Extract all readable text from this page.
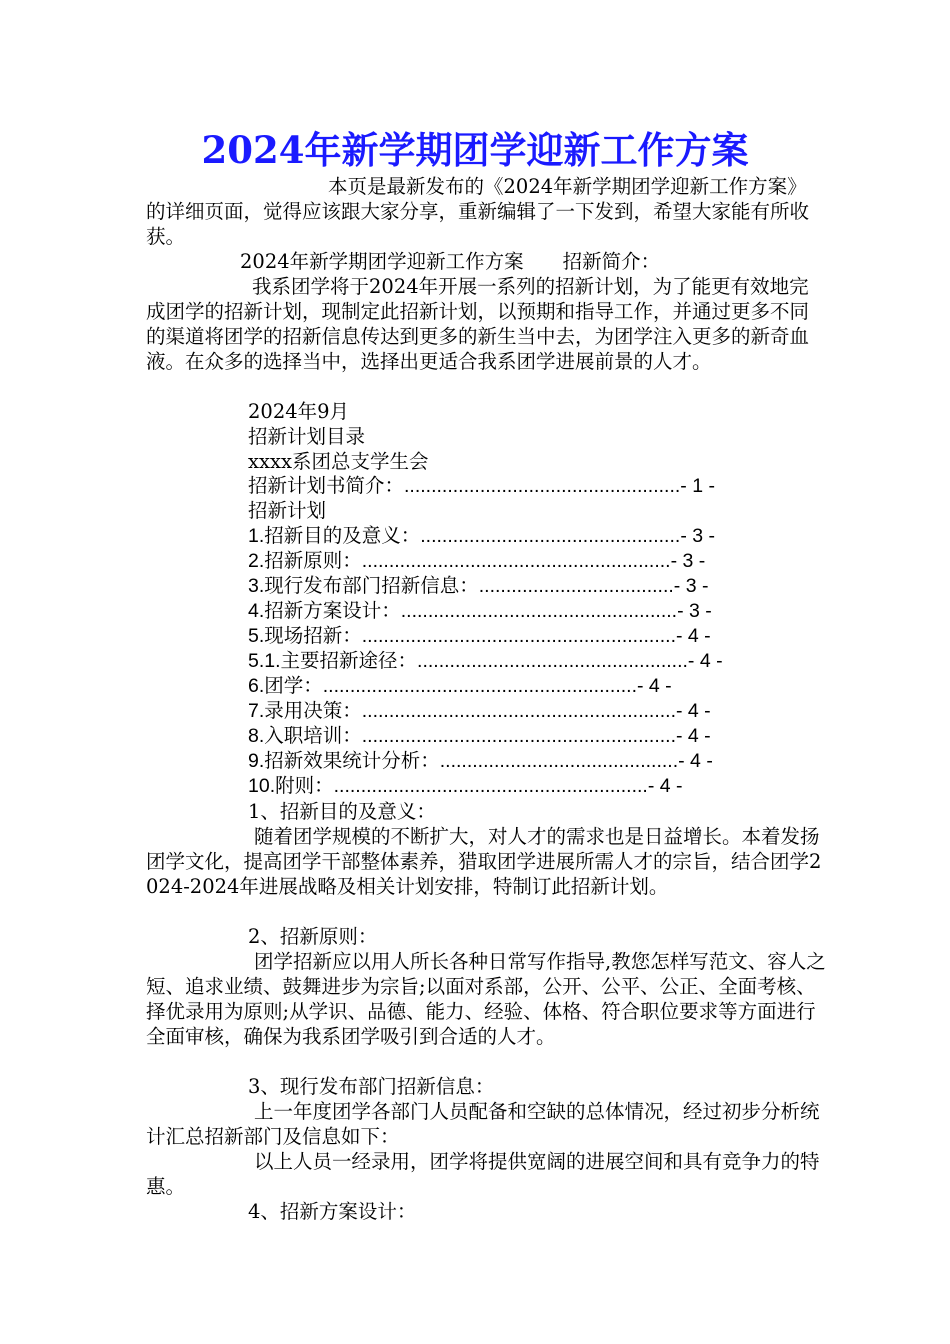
2024年新学期团学迎新工作方案
本页是最新发布的《2024年新学期团学迎新工作方案》的详细页面，觉得应该跟大家分享，重新编辑了一下发到，希望大家能有所收获。
2024年新学期团学迎新工作方案　　招新简介：
我系团学将于2024年开展一系列的招新计划，为了能更有效地完成团学的招新计划，现制定此招新计划，以预期和指导工作，并通过更多不同的渠道将团学的招新信息传达到更多的新生当中去，为团学注入更多的新奇血液。在众多的选择当中，选择出更适合我系团学进展前景的人才。
2024年9月
招新计划目录
xxxx系团总支学生会
招新计划书简介：...................................................- 1 -
招新计划
1.招新目的及意义：................................................- 3 -
2.招新原则：.........................................................- 3 -
3.现行发布部门招新信息：....................................- 3 -
4.招新方案设计：...................................................- 3 -
5.现场招新：..........................................................- 4 -
5.1.主要招新途径：..................................................- 4 -
6.团学：..........................................................- 4 -
7.录用决策：..........................................................- 4 -
8.入职培训：..........................................................- 4 -
9.招新效果统计分析：............................................- 4 -
10.附则：..........................................................- 4 -
1、招新目的及意义：
随着团学规模的不断扩大，对人才的需求也是日益增长。本着发扬团学文化，提高团学干部整体素养，猎取团学进展所需人才的宗旨，结合团学2024-2024年进展战略及相关计划安排，特制订此招新计划。
2、招新原则：
团学招新应以用人所长各种日常写作指导,教您怎样写范文、容人之短、追求业绩、鼓舞进步为宗旨;以面对系部，公开、公平、公正、全面考核、择优录用为原则;从学识、品德、能力、经验、体格、符合职位要求等方面进行全面审核，确保为我系团学吸引到合适的人才。
3、现行发布部门招新信息：
上一年度团学各部门人员配备和空缺的总体情况，经过初步分析统计汇总招新部门及信息如下：
以上人员一经录用，团学将提供宽阔的进展空间和具有竞争力的特惠。
4、招新方案设计：
